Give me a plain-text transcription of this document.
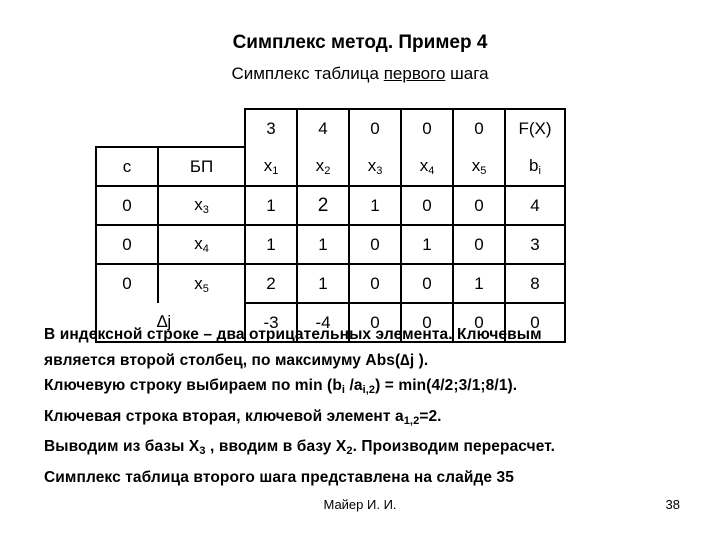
Симплекс метод. Пример 4
Симплекс таблица первого шага
		3	4	0	0	0	F(X)
c	БП	$x_1$	$x_2$	$x_3$	$x_4$	$x_5$	$b_i$
0	$x_3$	1	2	1	0	0	4
0	$x_4$	1	1	0	1	0	3
0	$x_5$	2	1	0	0	1	8
∆j		-3	-4	0	0	0	0
В индексной строке – два отрицательных элемента. Ключевым
является второй столбец, по максимуму Abs(∆j ).
Ключевую строку выбираем по $\min (b_i$ $/a_{i,2}$) = min(4/2;3/1;8/1).
Ключевая строка вторая, ключевой элемент $a_{1,2}=2$.
Выводим из базы $X_3$ , вводим в базу $X_2$. Производим перерасчет.
Симплекс таблица второго шага представлена на слайде 35
Майер И. И.	38
